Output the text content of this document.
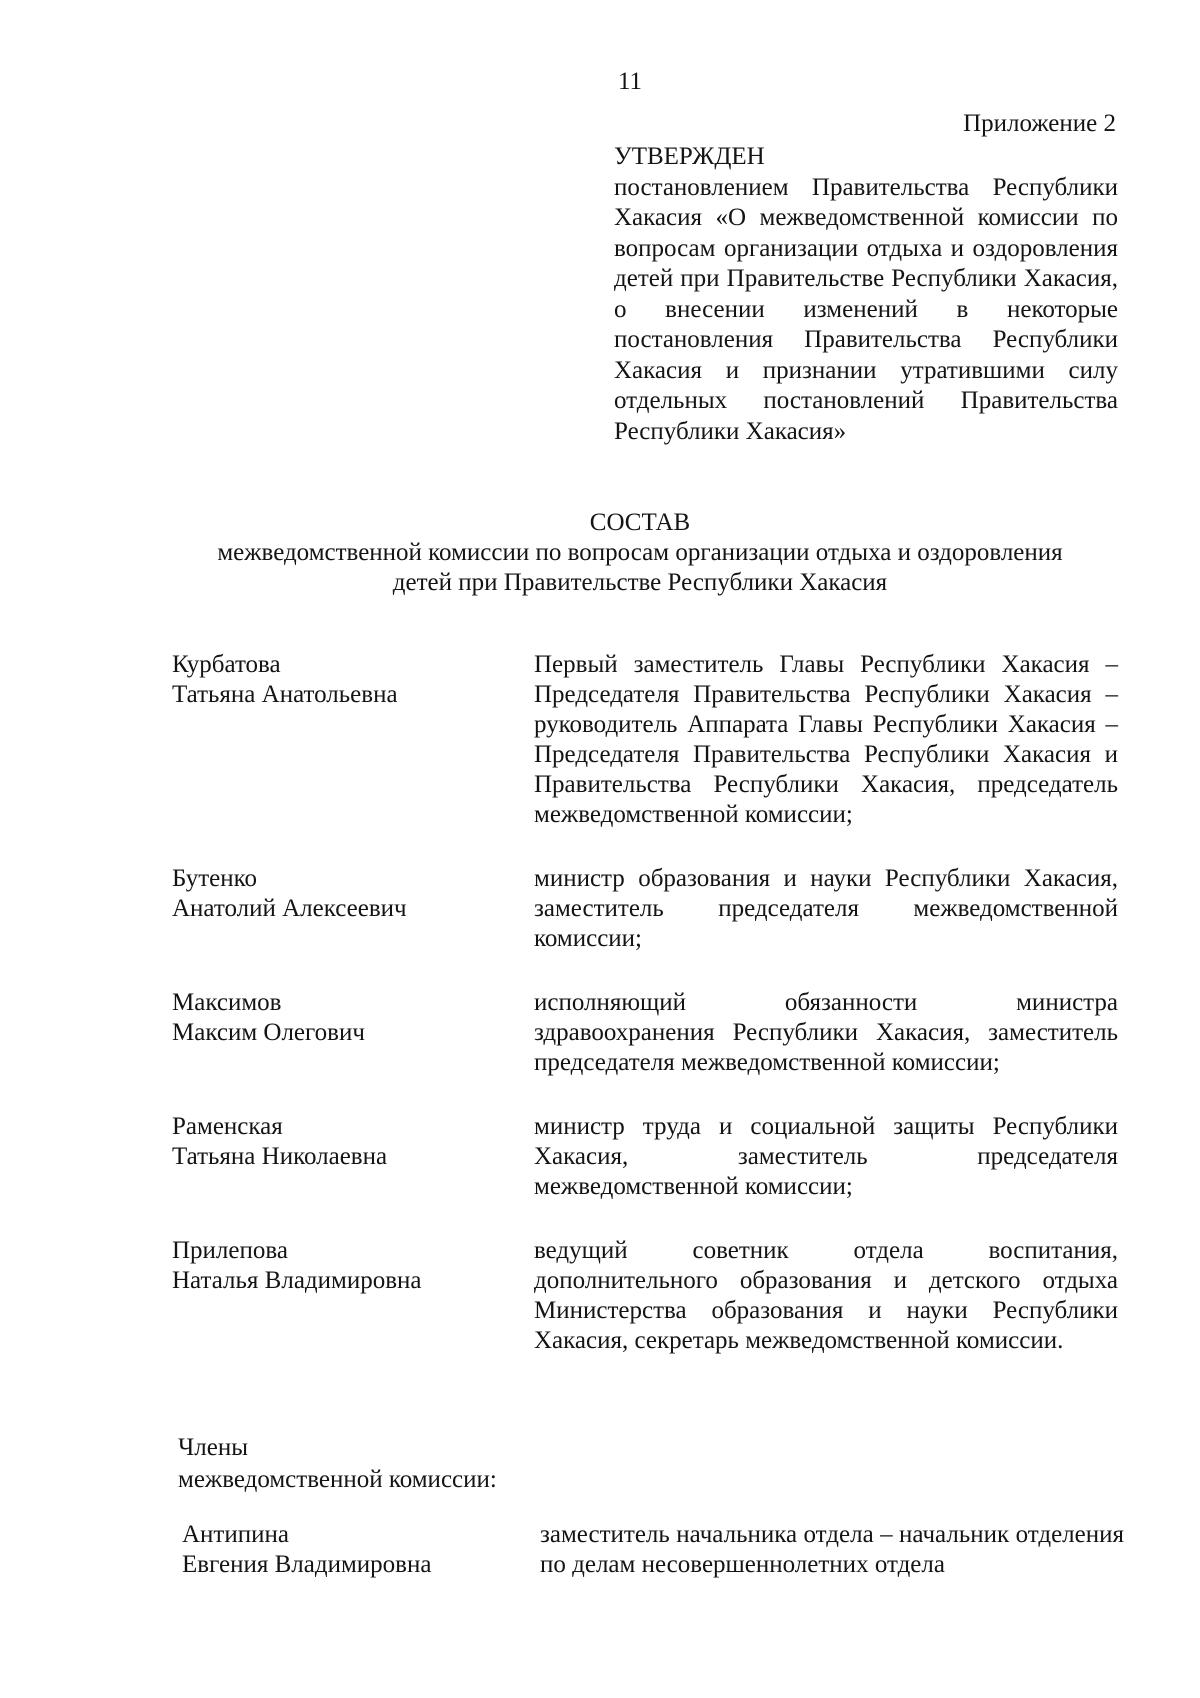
11
Приложение 2
УТВЕРЖДЕН
постановлением Правительства Республики Хакасия «О межведомственной комиссии по вопросам организации отдыха и оздоровления детей при Правительстве Республики Хакасия, о внесении изменений в некоторые постановления Правительства Республики Хакасия и признании утратившими силу отдельных постановлений Правительства Республики Хакасия»
СОСТАВ
межведомственной комиссии по вопросам организации отдыха и оздоровления детей при Правительстве Республики Хакасия
Курбатова
Татьяна Анатольевна
Первый заместитель Главы Республики Хакасия – Председателя Правительства Республики Хакасия – руководитель Аппарата Главы Республики Хакасия – Председателя Правительства Республики Хакасия и Правительства Республики Хакасия, председатель межведомственной комиссии;
Бутенко
Анатолий Алексеевич
министр образования и науки Республики Хакасия, заместитель председателя межведомственной комиссии;
Максимов
Максим Олегович
исполняющий обязанности министра здравоохранения Республики Хакасия, заместитель председателя межведомственной комиссии;
Раменская
Татьяна Николаевна
министр труда и социальной защиты Республики Хакасия, заместитель председателя межведомственной комиссии;
Прилепова
Наталья Владимировна
ведущий советник отдела воспитания, дополнительного образования и детского отдыха Министерства образования и науки Республики Хакасия, секретарь межведомственной комиссии.
Члены
межведомственной комиссии:
Антипина
Евгения Владимировна
заместитель начальника отдела – начальник отделения по делам несовершеннолетних отдела
